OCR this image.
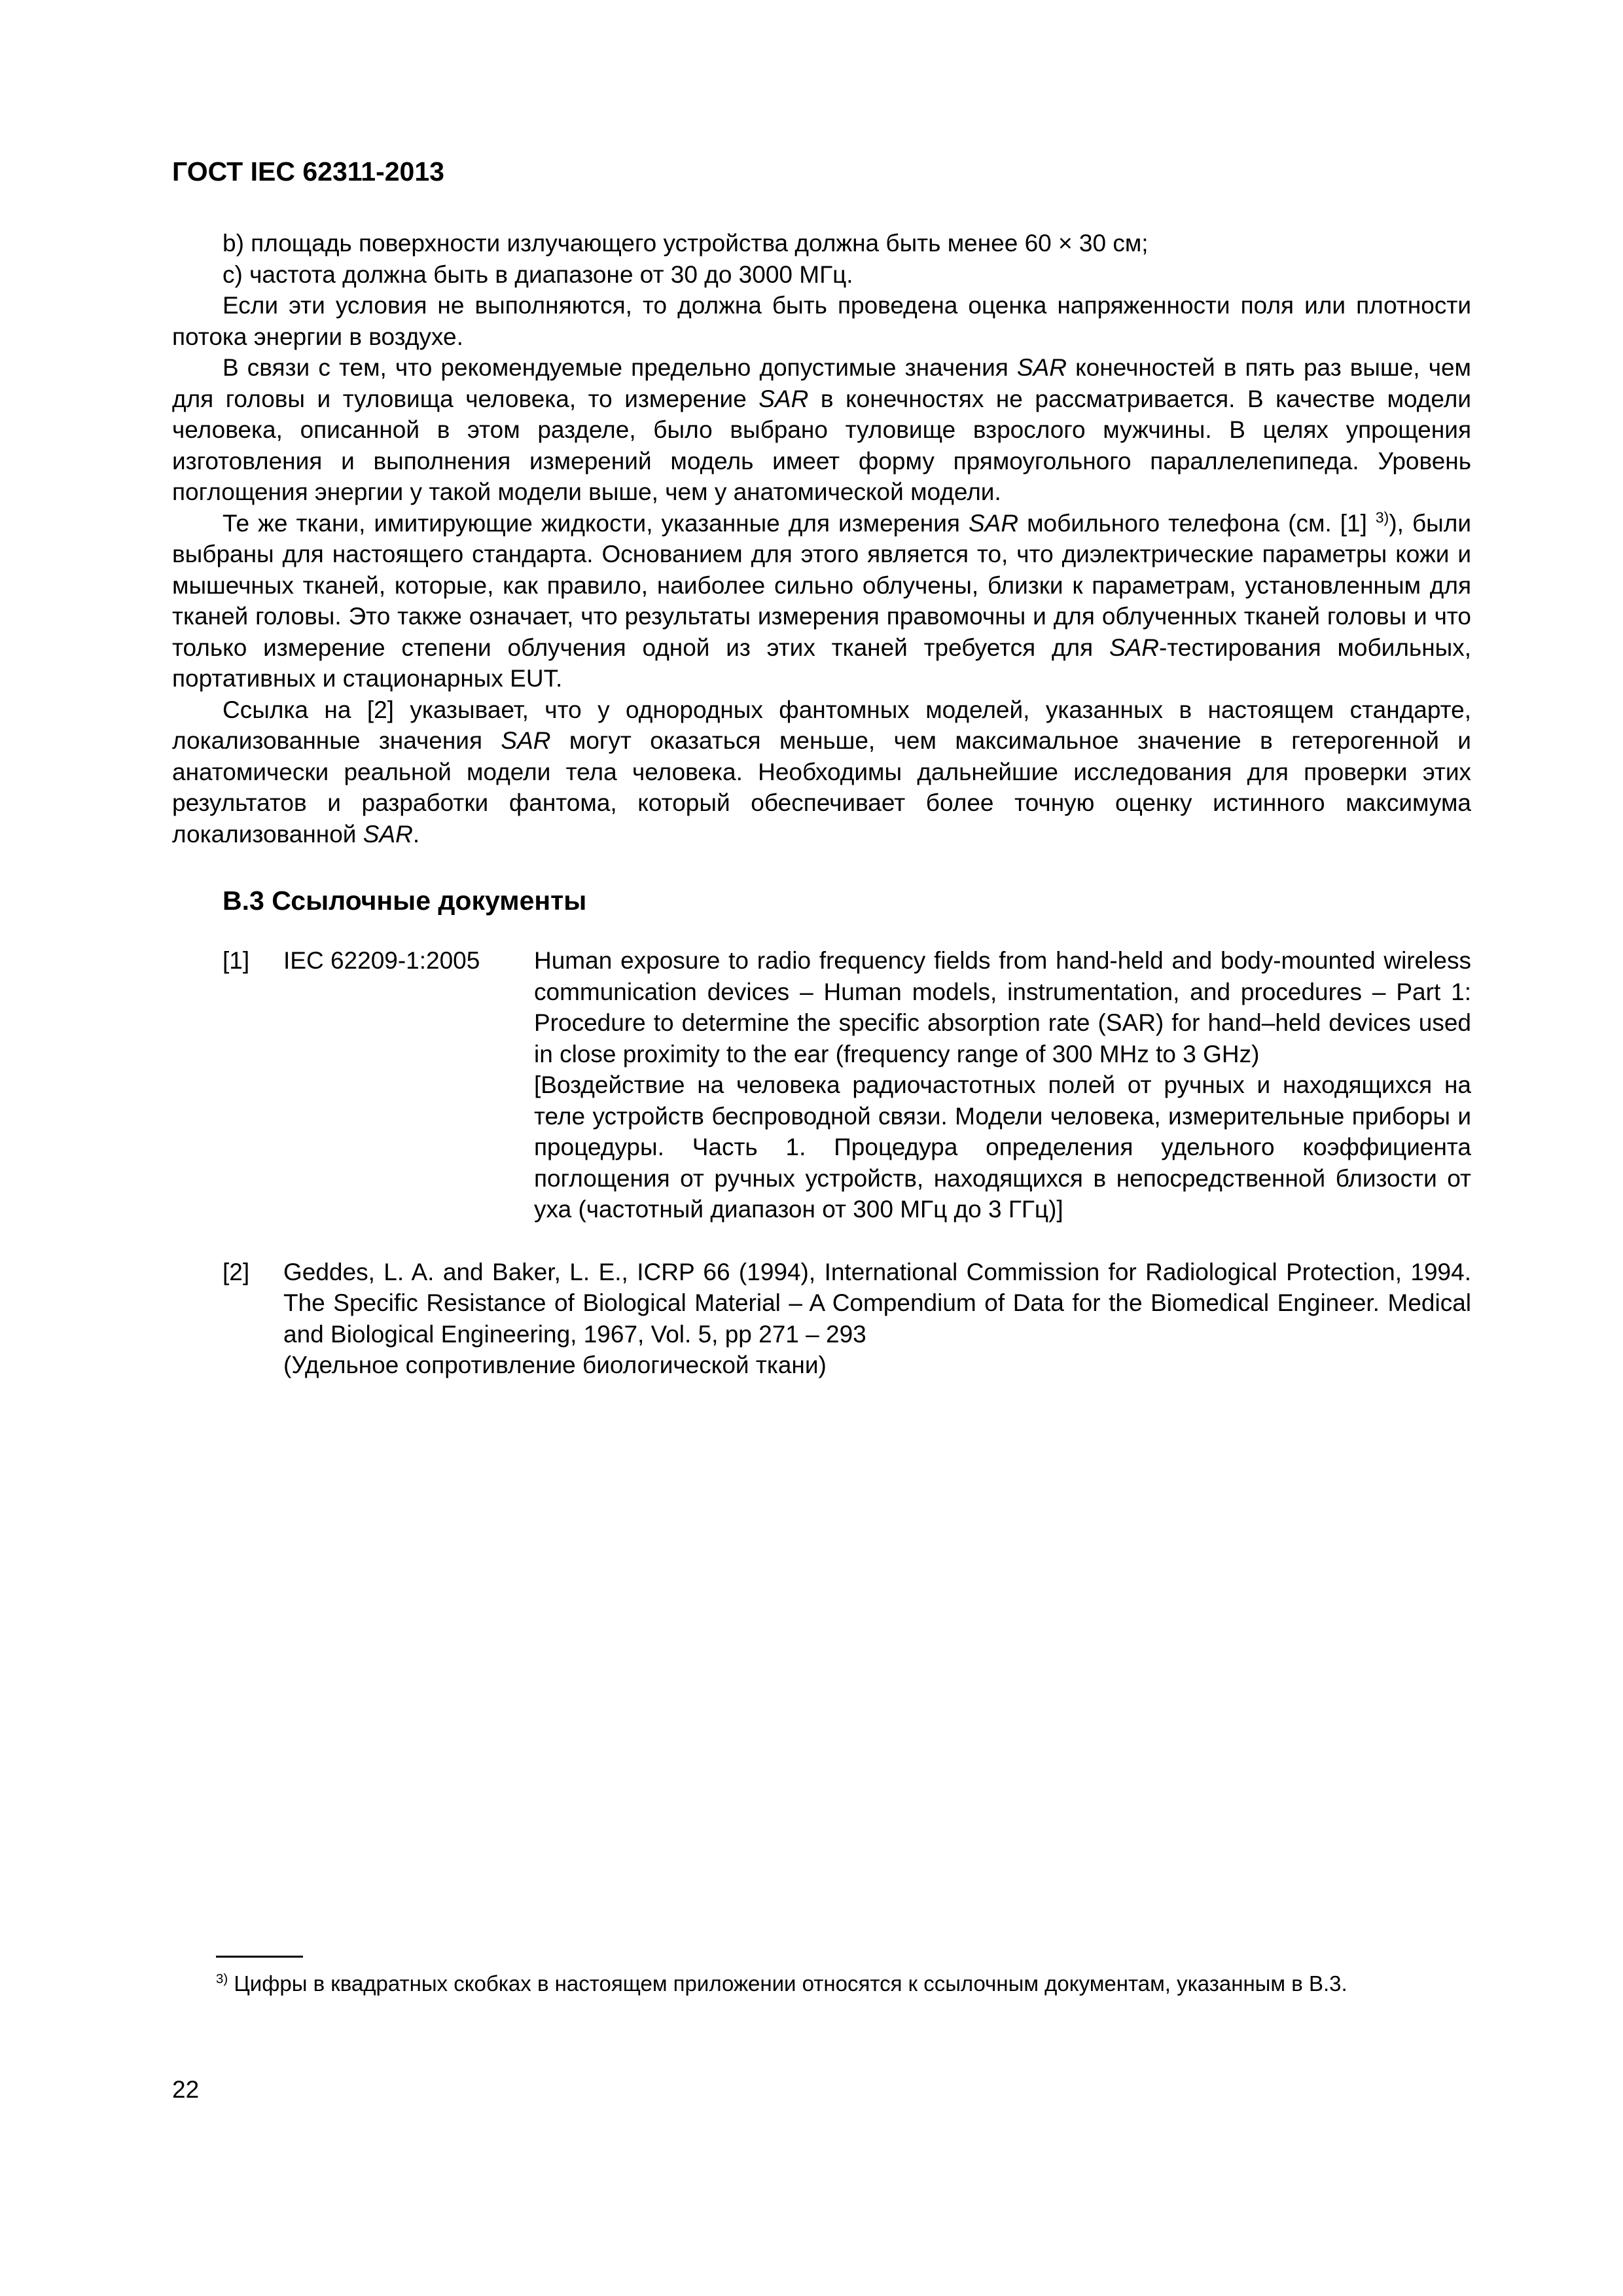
ГОСТ IEC 62311-2013

b) площадь поверхности излучающего устройства должна быть менее 60 × 30 см;

c) частота должна быть в диапазоне от 30 до 3000 МГц.

Если эти условия не выполняются, то должна быть проведена оценка напряженности поля или плотности потока энергии в воздухе.

В связи с тем, что рекомендуемые предельно допустимые значения SAR конечностей в пять раз выше, чем для головы и туловища человека, то измерение SAR в конечностях не рассматривается. В качестве модели человека, описанной в этом разделе, было выбрано туловище взрослого мужчины. В целях упрощения изготовления и выполнения измерений модель имеет форму прямоугольного параллелепипеда. Уровень поглощения энергии у такой модели выше, чем у анатомической модели.

Те же ткани, имитирующие жидкости, указанные для измерения SAR мобильного телефона (см. [1] $^{3)}$), были выбраны для настоящего стандарта. Основанием для этого является то, что диэлектрические параметры кожи и мышечных тканей, которые, как правило, наиболее сильно облучены, близки к параметрам, установленным для тканей головы. Это также означает, что результаты измерения правомочны и для облученных тканей головы и что только измерение степени облучения одной из этих тканей требуется для SAR-тестирования мобильных, портативных и стационарных EUT.

Ссылка на [2] указывает, что у однородных фантомных моделей, указанных в настоящем стандарте, локализованные значения SAR могут оказаться меньше, чем максимальное значение в гетерогенной и анатомически реальной модели тела человека. Необходимы дальнейшие исследования для проверки этих результатов и разработки фантома, который обеспечивает более точную оценку истинного максимума локализованной SAR.

В.3 Ссылочные документы
[1] IEC 62209-1:2005 Human exposure to radio frequency fields from hand-held and body-mounted wireless communication devices – Human models, instrumentation, and procedures – Part 1: Procedure to determine the specific absorption rate (SAR) for hand–held devices used in close proximity to the ear (frequency range of 300 MHz to 3 GHz)

[Воздействие на человека радиочастотных полей от ручных и находящихся на теле устройств беспроводной связи. Модели человека, измерительные приборы и процедуры. Часть 1. Процедура определения удельного коэффициента поглощения от ручных устройств, находящихся в непосредственной близости от уха (частотный диапазон от 300 МГц до 3 ГГц)]

[2] Geddes, L. A. and Baker, L. E., ICRP 66 (1994), International Commission for Radiological Protection, 1994. The Specific Resistance of Biological Material – A Compendium of Data for the Biomedical Engineer. Medical and Biological Engineering, 1967, Vol. 5, pp 271 – 293

(Удельное сопротивление биологической ткани)

$^{3)}$ Цифры в квадратных скобках в настоящем приложении относятся к ссылочным документам, указанным в В.3.
22
